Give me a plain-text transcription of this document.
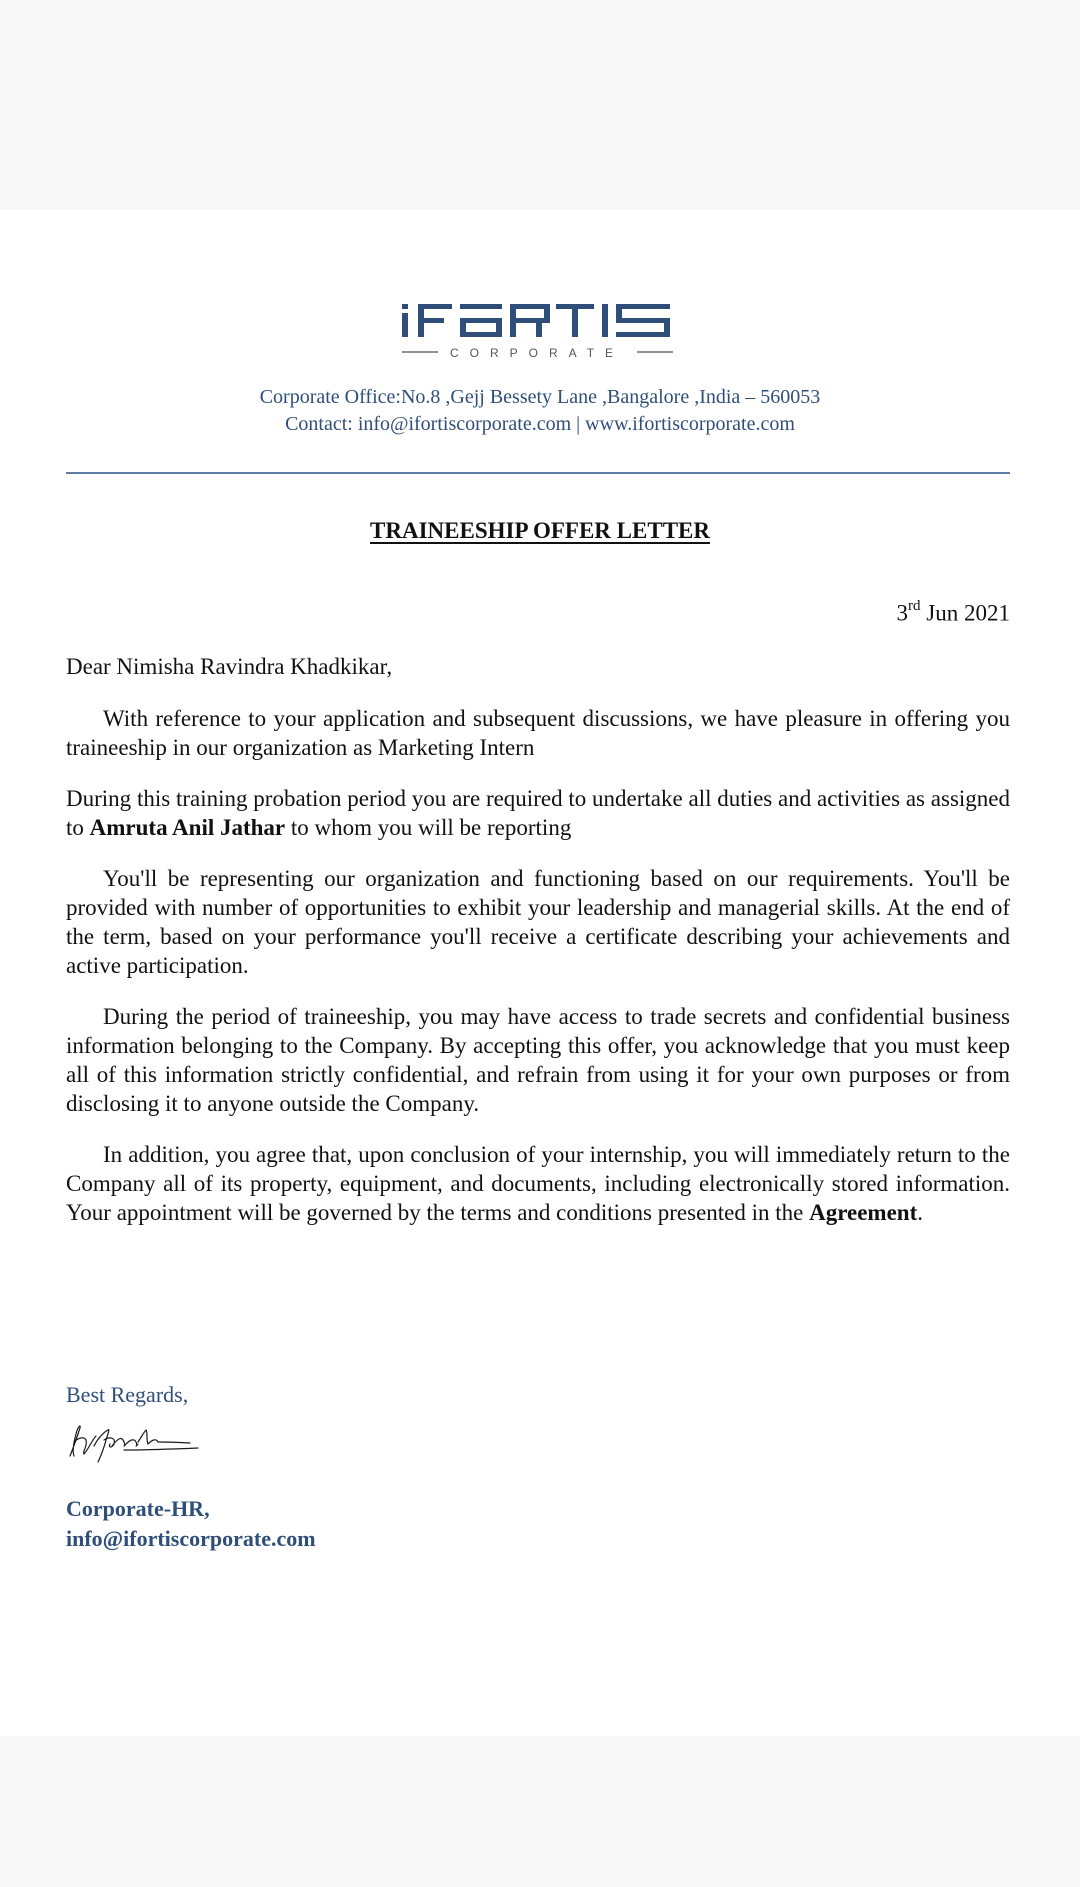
CORPORATE
Corporate Office:No.8 ,Gejj Bessety Lane ,Bangalore ,India – 560053
Contact: info@ifortiscorporate.com | www.ifortiscorporate.com
TRAINEESHIP OFFER LETTER
3rd Jun 2021
Dear Nimisha Ravindra Khadkikar,

With reference to your application and subsequent discussions, we have pleasure in offering you traineeship in our organization as Marketing Intern

During this training probation period you are required to undertake all duties and activities as assigned to Amruta Anil Jathar to whom you will be reporting

You'll be representing our organization and functioning based on our requirements. You'll be provided with number of opportunities to exhibit your leadership and managerial skills. At the end of the term, based on your performance you'll receive a certificate describing your achievements and active participation.

During the period of traineeship, you may have access to trade secrets and confidential business information belonging to the Company. By accepting this offer, you acknowledge that you must keep all of this information strictly confidential, and refrain from using it for your own purposes or from disclosing it to anyone outside the Company.

In addition, you agree that, upon conclusion of your internship, you will immediately return to the Company all of its property, equipment, and documents, including electronically stored information. Your appointment will be governed by the terms and conditions presented in the Agreement.

Best Regards,
Corporate-HR,
info@ifortiscorporate.com
